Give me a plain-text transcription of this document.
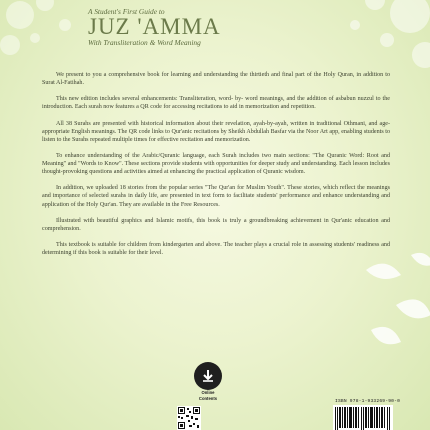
A Student's First Guide to
JUZ 'AMMA
With Transliteration & Word Meaning

We present to you a comprehensive book for learning and understanding the thirtieth and final part of the Holy Quran, in addition to Surat Al-Fatihah.

This new edition includes several enhancements: Transliteration, word- by- word meanings, and the addition of asbabun nuzzul to the introduction. Each surah now features a QR code for accessing recitations to aid in memorization and repetition.

All 38 Surahs are presented with historical information about their revelation, ayah-by-ayah, written in traditional Othmani, and age-appropriate English meanings. The QR code links to Qur'anic recitations by Sheikh Abdullah Basfar via the Noor Art app, enabling students to listen to the Surahs repeated multiple times for effective recitation and memorization.

To enhance understanding of the Arabic/Quranic language, each Surah includes two main sections: "The Quranic Word: Root and Meaning" and "Words to Know". These sections provide students with opportunities for deeper study and understanding. Each lesson includes thought-provoking questions and activities aimed at enhancing the practical application of Quranic wisdom.

In addition, we uploaded 18 stories from the popular series "The Qur'an for Muslim Youth". These stories, which reflect the meanings and importance of selected surahs in daily life, are presented in text form to facilitate students' performance and enhance understanding and application of the Holy Qur'an. They are available in the Free Resources.

Illustrated with beautiful graphics and Islamic motifs, this book is truly a groundbreaking achievement in Qur'anic education and comprehension.

This textbook is suitable for children from kindergarten and above. The teacher plays a crucial role in assessing students' readiness and determining if this book is suitable for their level.

Online
Contents
ISBN 978-1-933269-90-0
